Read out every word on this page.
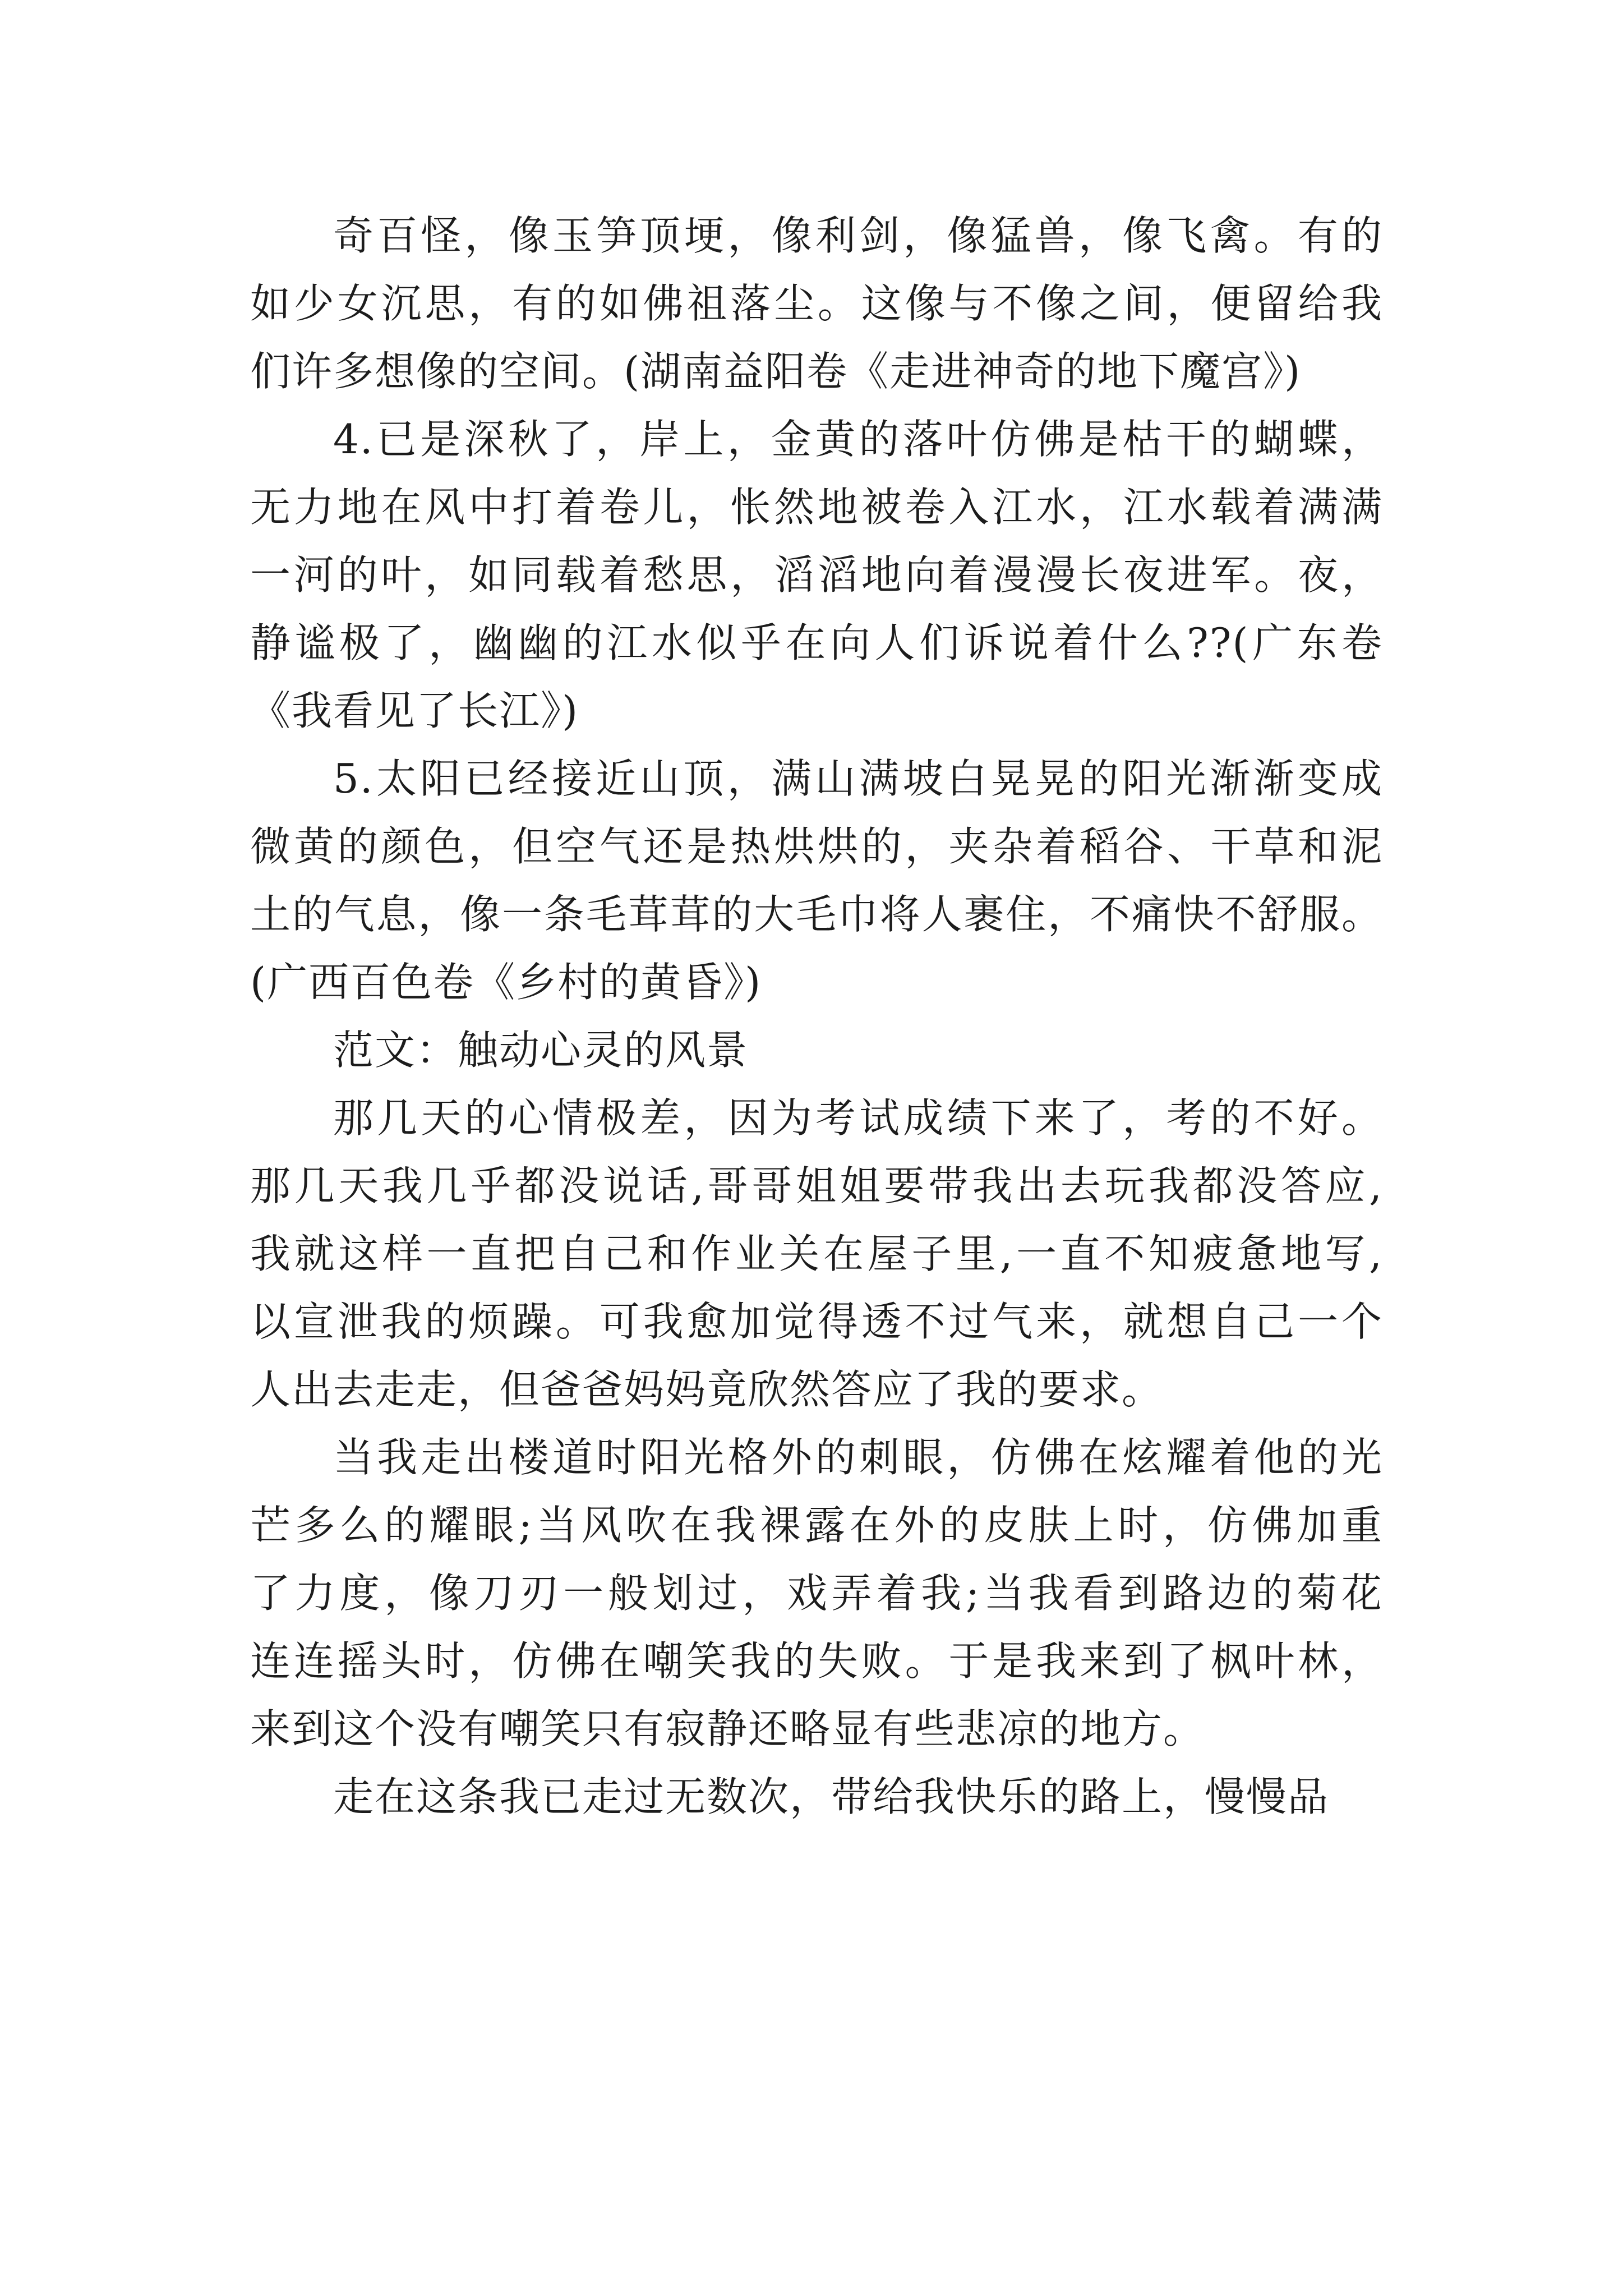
奇百怪，像玉笋顶埂，像利剑，像猛兽，像飞禽。有的
如少女沉思，有的如佛祖落尘。这像与不像之间，便留给我
们许多想像的空间。(湖南益阳卷《走进神奇的地下魔宫》)

4.已是深秋了，岸上，金黄的落叶仿佛是枯干的蝴蝶，
无力地在风中打着卷儿，怅然地被卷入江水，江水载着满满
一河的叶，如同载着愁思，滔滔地向着漫漫长夜进军。夜，
静谧极了，幽幽的江水似乎在向人们诉说着什么??(广东卷
《我看见了长江》)

5.太阳已经接近山顶，满山满坡白晃晃的阳光渐渐变成
微黄的颜色，但空气还是热烘烘的，夹杂着稻谷、干草和泥
土的气息，像一条毛茸茸的大毛巾将人裹住，不痛快不舒服。
(广西百色卷《乡村的黄昏》)

范文：触动心灵的风景

那几天的心情极差，因为考试成绩下来了，考的不好。
那几天我几乎都没说话,哥哥姐姐要带我出去玩我都没答应,
我就这样一直把自己和作业关在屋子里,一直不知疲惫地写,
以宣泄我的烦躁。可我愈加觉得透不过气来，就想自己一个
人出去走走，但爸爸妈妈竟欣然答应了我的要求。

当我走出楼道时阳光格外的刺眼，仿佛在炫耀着他的光
芒多么的耀眼;当风吹在我裸露在外的皮肤上时，仿佛加重
了力度，像刀刃一般划过，戏弄着我;当我看到路边的菊花
连连摇头时，仿佛在嘲笑我的失败。于是我来到了枫叶林，
来到这个没有嘲笑只有寂静还略显有些悲凉的地方。

走在这条我已走过无数次，带给我快乐的路上，慢慢品
